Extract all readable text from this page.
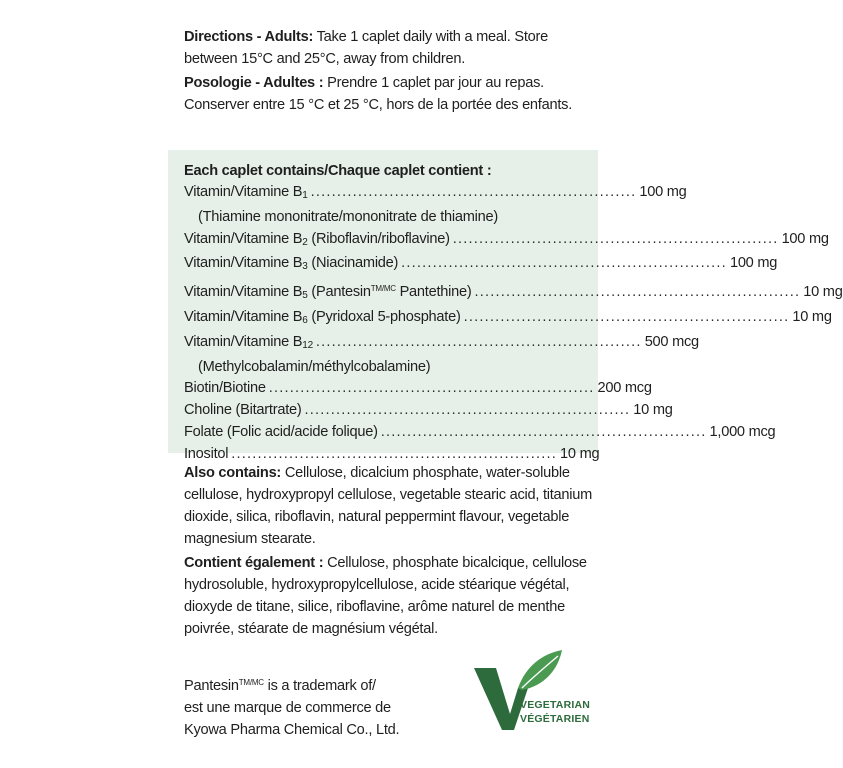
Directions - Adults: Take 1 caplet daily with a meal. Store between 15°C and 25°C, away from children.

Posologie - Adultes : Prendre 1 caplet par jour au repas. Conserver entre 15 °C et 25 °C, hors de la portée des enfants.

Each caplet contains/Chaque caplet contient :

Vitamin/Vitamine $B_1$ .............................................................. 100 mg
(Thiamine mononitrate/mononitrate de thiamine)
Vitamin/Vitamine $B_2$ (Riboflavin/riboflavine) .............................................................. 100 mg
Vitamin/Vitamine $B_3$ (Niacinamide) .............................................................. 100 mg
Vitamin/Vitamine $B_5$ (Pantesin$^{TM/MC}$ Pantethine) .............................................................. 10 mg
Vitamin/Vitamine $B_6$ (Pyridoxal 5-phosphate) .............................................................. 10 mg
Vitamin/Vitamine $B_{12}$ .............................................................. 500 mcg
(Methylcobalamin/méthylcobalamine)
Biotin/Biotine .............................................................. 200 mcg
Choline (Bitartrate) .............................................................. 10 mg
Folate (Folic acid/acide folique) .............................................................. 1,000 mcg
Inositol .............................................................. 10 mg

Also contains: Cellulose, dicalcium phosphate, water-soluble cellulose, hydroxypropyl cellulose, vegetable stearic acid, titanium dioxide, silica, riboflavin, natural peppermint flavour, vegetable magnesium stearate.

Contient également : Cellulose, phosphate bicalcique, cellulose hydrosoluble, hydroxypropylcellulose, acide stéarique végétal, dioxyde de titane, silice, riboflavine, arôme naturel de menthe poivrée, stéarate de magnésium végétal.

Pantesin$^{TM/MC}$ is a trademark of/

est une marque de commerce de

Kyowa Pharma Chemical Co., Ltd.

VEGETARIAN
VÉGÉTARIEN
